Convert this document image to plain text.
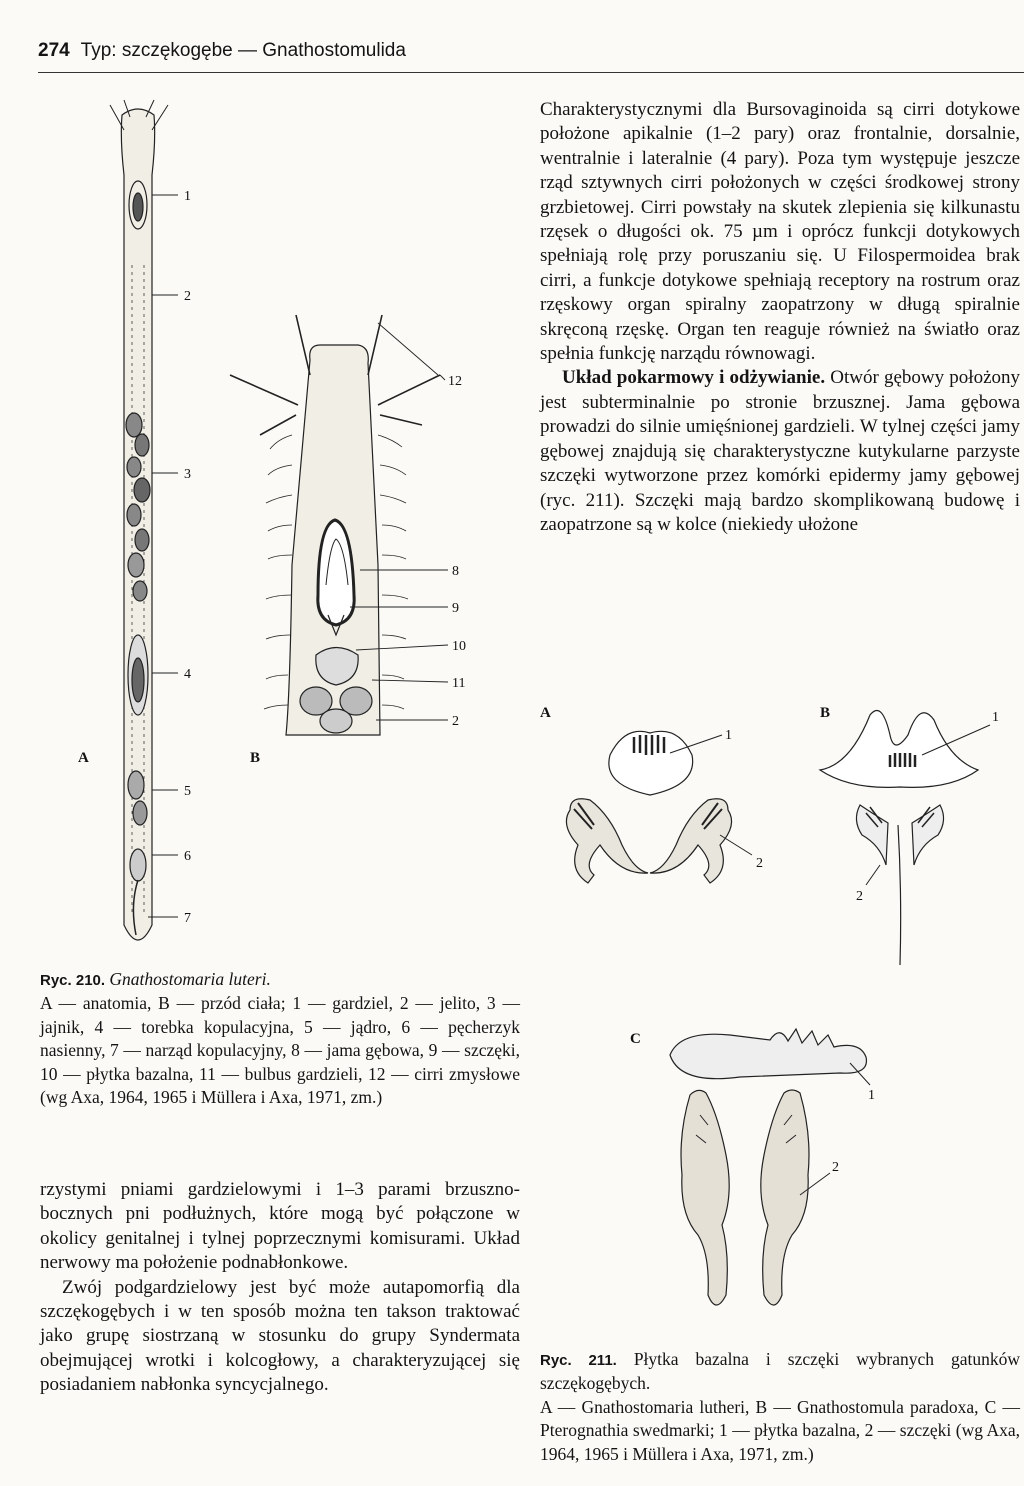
274 Typ: szczękogębe — Gnathostomulida
1
2
3
4
5
6
7
A
12
8
9
10
11
2
B
Ryc. 210. Gnathostomaria luteri.
A — anatomia, B — przód ciała; 1 — gardziel, 2 — jelito, 3 — jajnik, 4 — torebka kopulacyjna, 5 — jądro, 6 — pęcherzyk nasienny, 7 — narząd kopulacyjny, 8 — jama gębowa, 9 — szczęki, 10 — płytka bazalna, 11 — bulbus gardzieli, 12 — cirri zmysłowe (wg Axa, 1964, 1965 i Müllera i Axa, 1971, zm.)

rzystymi pniami gardzielowymi i 1–3 parami brzuszno-bocznych pni podłużnych, które mogą być połączone w okolicy genitalnej i tylnej poprzecznymi komisurami. Układ nerwowy ma położenie podnabłonkowe.

Zwój podgardzielowy jest być może autapomorfią dla szczękogębych i w ten sposób można ten takson traktować jako grupę siostrzaną w stosunku do grupy Syndermata obejmującej wrotki i kolcogłowy, a charakteryzującej się posiadaniem nabłonka syncycjalnego.

Charakterystycznymi dla Bursovaginoida są cirri dotykowe położone apikalnie (1–2 pary) oraz frontalnie, dorsalnie, wentralnie i lateralnie (4 pary). Poza tym występuje jeszcze rząd sztywnych cirri położonych w części środkowej strony grzbietowej. Cirri powstały na skutek zlepienia się kilkunastu rzęsek o długości ok. 75 µm i oprócz funkcji dotykowych spełniają rolę przy poruszaniu się. U Filospermoidea brak cirri, a funkcje dotykowe spełniają receptory na rostrum oraz rzęskowy organ spiralny zaopatrzony w długą spiralnie skręconą rzęskę. Organ ten reaguje również na światło oraz spełnia funkcję narządu równowagi.

Układ pokarmowy i odżywianie. Otwór gębowy położony jest subterminalnie po stronie brzusznej. Jama gębowa prowadzi do silnie umięśnionej gardzieli. W tylnej części jamy gębowej znajdują się charakterystyczne kutykularne parzyste szczęki wytworzone przez komórki epidermy jamy gębowej (ryc. 211). Szczęki mają bardzo skomplikowaną budowę i zaopatrzone są w kolce (niekiedy ułożone

A
1
2
B	1
2
C
1
2
Ryc. 211. Płytka bazalna i szczęki wybranych gatunków szczękogębych.
A — Gnathostomaria lutheri, B — Gnathostomula paradoxa, C — Pterognathia swedmarki; 1 — płytka bazalna, 2 — szczęki (wg Axa, 1964, 1965 i Müllera i Axa, 1971, zm.)
